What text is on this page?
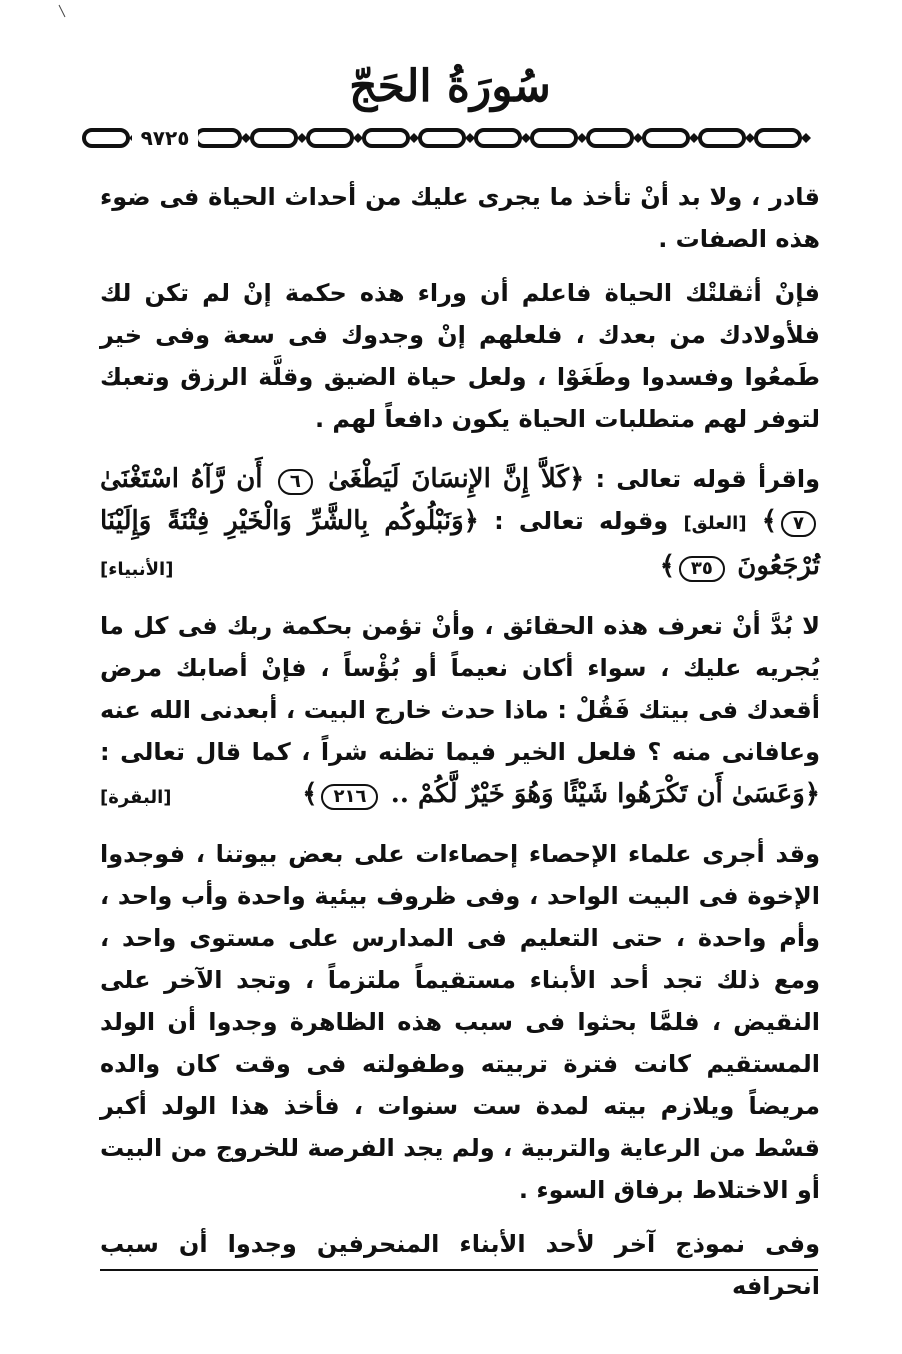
سُورَةُ الحَجّ
٩٧٢٥

قادر ، ولا بد أنْ تأخذ ما يجرى عليك من أحداث الحياة فى ضوء هذه الصفات .

فإنْ أثقلتْك الحياة فاعلم أن وراء هذه حكمة إنْ لم تكن لك فلأولادك من بعدك ، فلعلهم إنْ وجدوك فى سعة وفى خير طَمعُوا وفسدوا وطَغَوْا ، ولعل حياة الضيق وقلَّة الرزق وتعبك لتوفر لهم متطلبات الحياة يكون دافعاً لهم .

واقرأ قوله تعالى : ﴿كَلاَّ إِنَّ الإِنسَانَ لَيَطْغَىٰ ٦ أَن رَّآهُ اسْتَغْنَىٰ ٧﴾ [العلق] وقوله تعالى : ﴿وَنَبْلُوكُم بِالشَّرِّ وَالْخَيْرِ فِتْنَةً وَإِلَيْنَا تُرْجَعُونَ ٣٥﴾
[الأنبياء]

لا بُدَّ أنْ تعرف هذه الحقائق ، وأنْ تؤمن بحكمة ربك فى كل ما يُجريه عليك ، سواء أكان نعيماً أو بُؤْساً ، فإنْ أصابك مرض أقعدك فى بيتك فَقُلْ : ماذا حدث خارج البيت ، أبعدنى الله عنه وعافانى منه ؟ فلعل الخير فيما تظنه شراً ، كما قال تعالى : ﴿وَعَسَىٰ أَن تَكْرَهُوا شَيْئًا وَهُوَ خَيْرٌ لَّكُمْ .. ٢١٦﴾
[البقرة]

وقد أجرى علماء الإحصاء إحصاءات على بعض بيوتنا ، فوجدوا الإخوة فى البيت الواحد ، وفى ظروف بيئية واحدة وأب واحد ، وأم واحدة ، حتى التعليم فى المدارس على مستوى واحد ، ومع ذلك تجد أحد الأبناء مستقيماً ملتزماً ، وتجد الآخر على النقيض ، فلمَّا بحثوا فى سبب هذه الظاهرة وجدوا أن الولد المستقيم كانت فترة تربيته وطفولته فى وقت كان والده مريضاً ويلازم بيته لمدة ست سنوات ، فأخذ هذا الولد أكبر قسْط من الرعاية والتربية ، ولم يجد الفرصة للخروج من البيت أو الاختلاط برفاق السوء .

وفى نموذج آخر لأحد الأبناء المنحرفين وجدوا أن سبب انحرافه
